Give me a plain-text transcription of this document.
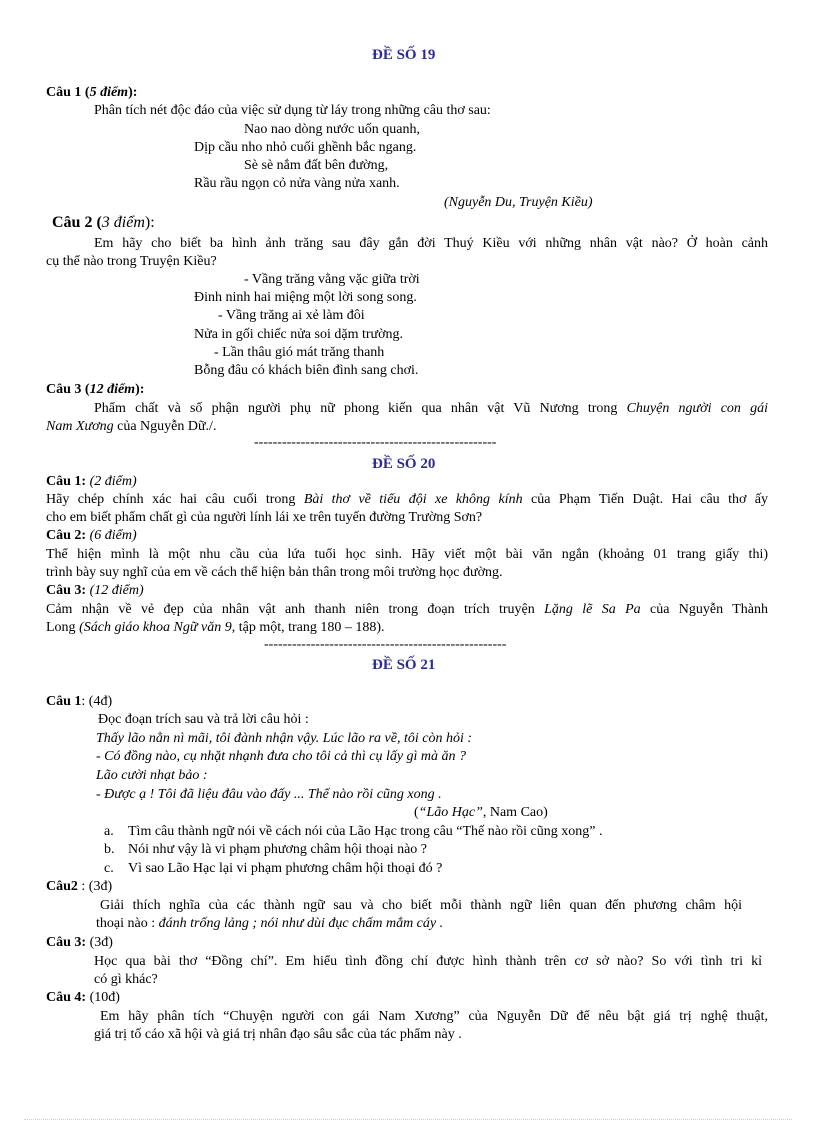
ĐỀ SỐ 19
Câu 1 (5 điểm):
Phân tích nét độc đáo của việc sử dụng từ láy trong những câu thơ sau:
Nao nao dòng nước uốn quanh,
Dịp cầu nho nhỏ cuối ghềnh bắc ngang.
Sè sè nắm đất bên đường,
Rầu rầu ngọn cỏ nửa vàng nửa xanh.
(Nguyễn Du, Truyện Kiều)
Câu 2 (3 điểm):
Em hãy cho biết ba hình ảnh trăng sau đây gắn đời Thuý Kiều với những nhân vật nào? Ở hoàn cảnh
cụ thể nào trong Truyện Kiều?
- Vầng trăng vằng vặc giữa trời
Đinh ninh hai miệng một lời song song.
- Vầng trăng ai xẻ làm đôi
Nửa in gối chiếc nửa soi dặm trường.
- Lần thâu gió mát trăng thanh
Bỗng đâu có khách biên đình sang chơi.
Câu 3 (12 điểm):
Phẩm chất và số phận người phụ nữ phong kiến qua nhân vật Vũ Nương trong Chuyện người con gái
Nam Xương của Nguyễn Dữ./.
----------------------------------------------------
ĐỀ SỐ 20
Câu 1: (2 điểm)
Hãy chép chính xác hai câu cuối trong Bài thơ về tiểu đội xe không kính của Phạm Tiến Duật. Hai câu thơ ấy
cho em biết phẩm chất gì của người lính lái xe trên tuyến đường Trường Sơn?
Câu 2: (6 điểm)
Thể hiện mình là một nhu cầu của lứa tuổi học sinh. Hãy viết một bài văn ngắn (khoảng 01 trang giấy thi)
trình bày suy nghĩ của em về cách thể hiện bản thân trong môi trường học đường.
Câu 3: (12 điểm)
Cảm nhận về vẻ đẹp của nhân vật anh thanh niên trong đoạn trích truyện Lặng lẽ Sa Pa của Nguyễn Thành
Long (Sách giáo khoa Ngữ văn 9, tập một, trang 180 – 188).
----------------------------------------------------
ĐỀ SỐ 21
Câu 1: (4đ)
Đọc đoạn trích sau và trả lời câu hỏi :
Thấy lão nằn nì mãi, tôi đành nhận vậy. Lúc lão ra về, tôi còn hỏi :
- Có đồng nào, cụ nhặt nhạnh đưa cho tôi cả thì cụ lấy gì mà ăn ?
Lão cười nhạt bảo :
- Được ạ ! Tôi đã liệu đâu vào đấy ... Thế nào rồi cũng xong .
(“Lão Hạc”, Nam Cao)
a. Tìm câu thành ngữ nói về cách nói của Lão Hạc trong câu “Thế nào rồi cũng xong” .
b. Nói như vậy là vi phạm phương châm hội thoại nào ?
c. Vì sao Lão Hạc lại vi phạm phương châm hội thoại đó ?
Câu2 : (3đ)
Giải thích nghĩa của các thành ngữ sau và cho biết mỗi thành ngữ liên quan đến phương châm hội
thoại nào : đánh trống lảng ; nói như dùi đục chấm mắm cáy .
Câu 3: (3đ)
Học qua bài thơ “Đồng chí”. Em hiểu tình đồng chí được hình thành trên cơ sở nào? So với tình tri kỉ
có gì khác?
Câu 4: (10đ)
Em hãy phân tích “Chuyện người con gái Nam Xương” của Nguyễn Dữ để nêu bật giá trị nghệ thuật,
giá trị tố cáo xã hội và giá trị nhân đạo sâu sắc của tác phẩm này .
